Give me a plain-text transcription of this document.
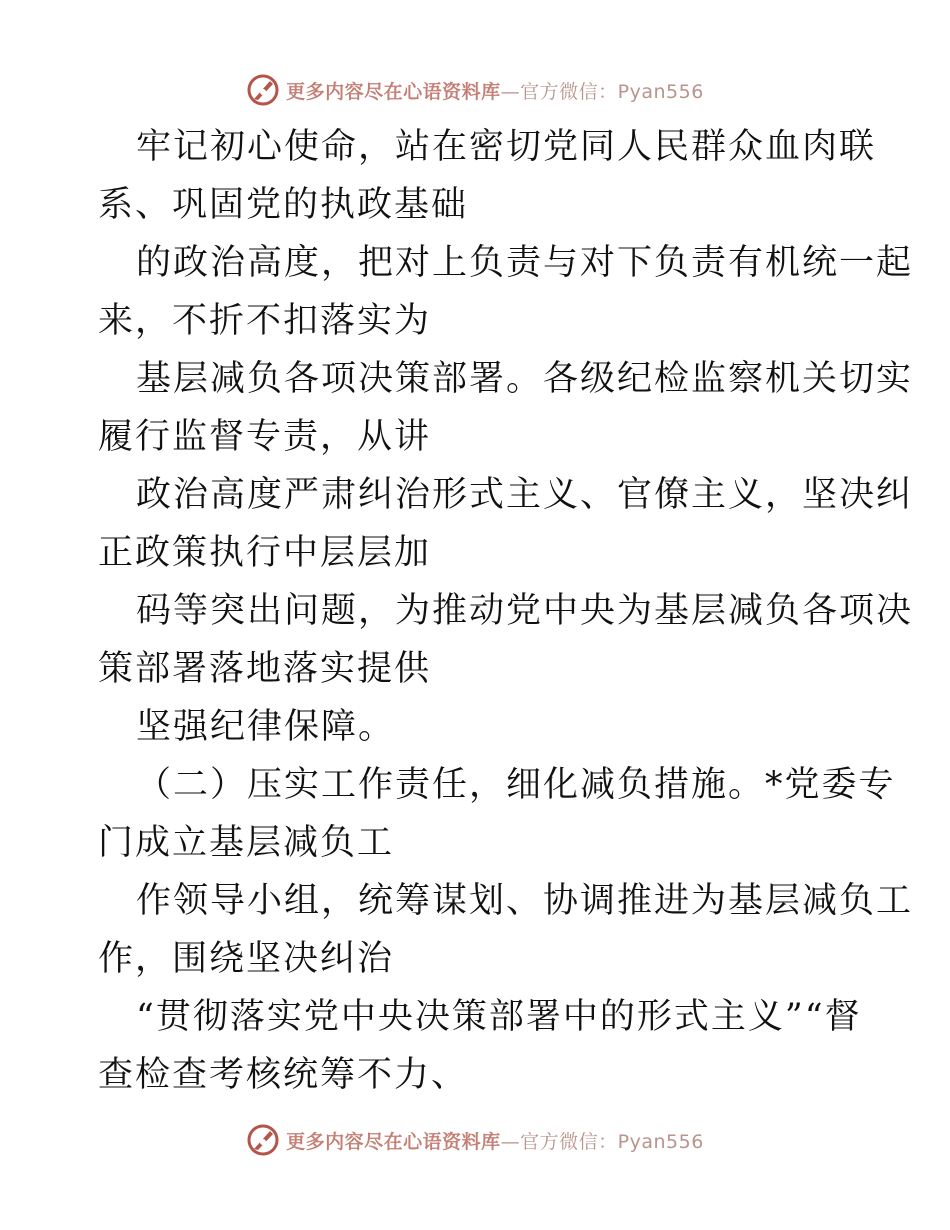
更多内容尽在心语资料库—官方微信：Pyan556
牢记初心使命，站在密切党同人民群众血肉联
系、巩固党的执政基础
的政治高度，把对上负责与对下负责有机统一起
来，不折不扣落实为
基层减负各项决策部署。各级纪检监察机关切实
履行监督专责，从讲
政治高度严肃纠治形式主义、官僚主义，坚决纠
正政策执行中层层加
码等突出问题，为推动党中央为基层减负各项决
策部署落地落实提供
坚强纪律保障。
（二）压实工作责任，细化减负措施。*党委专
门成立基层减负工
作领导小组，统筹谋划、协调推进为基层减负工
作，围绕坚决纠治
“贯彻落实党中央决策部署中的形式主义”“督
查检查考核统筹不力、
更多内容尽在心语资料库—官方微信：Pyan556
